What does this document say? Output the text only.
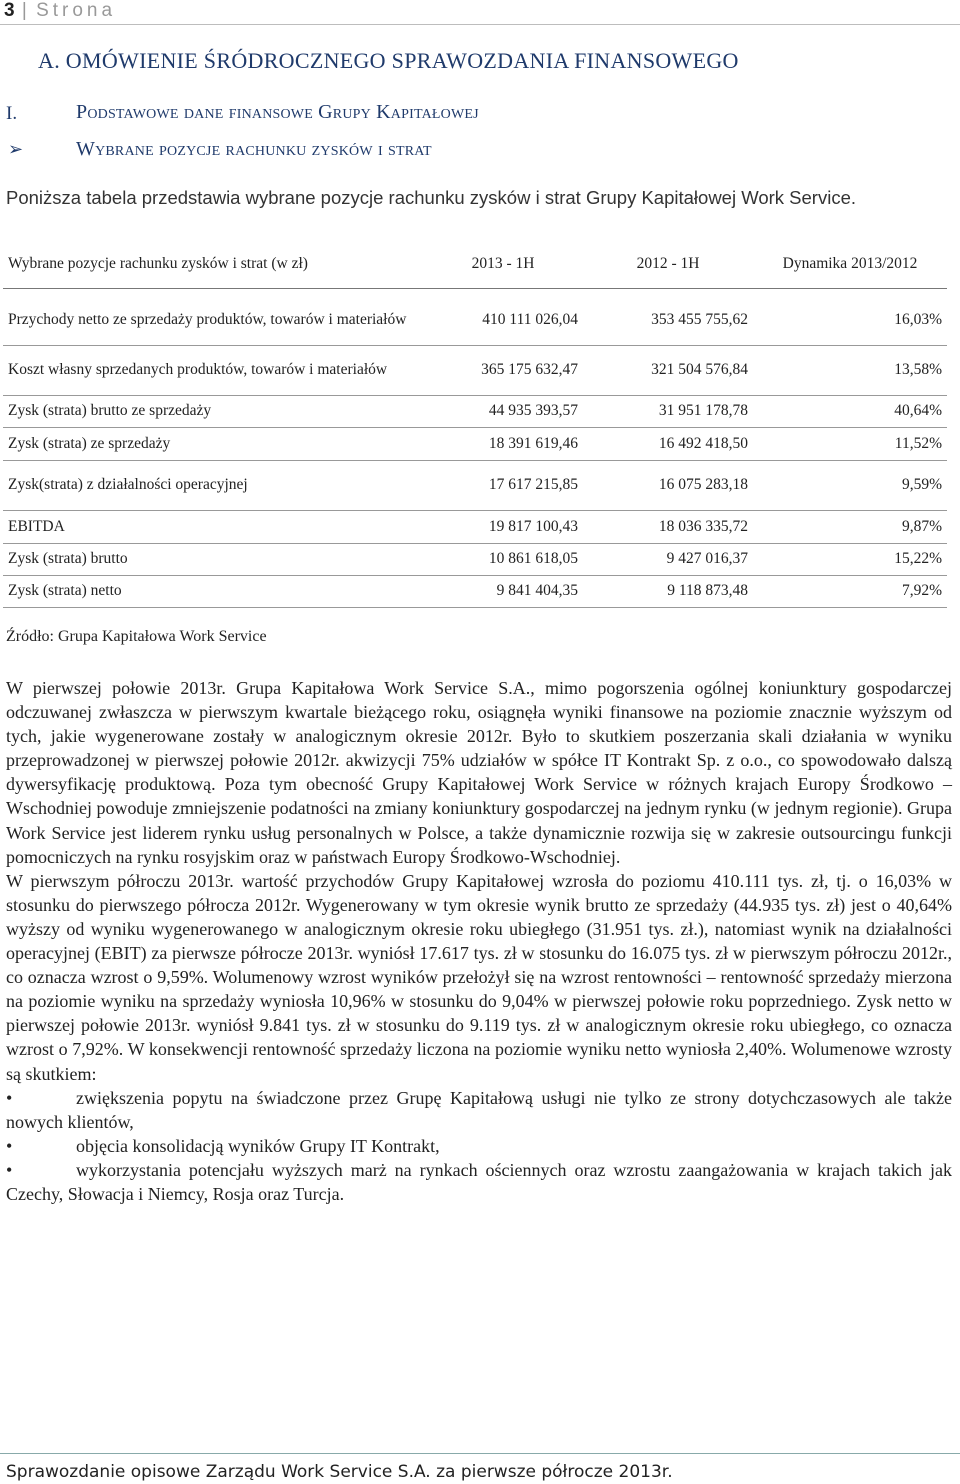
3 | Strona
A. OMÓWIENIE ŚRÓDROCZNEGO SPRAWOZDANIA FINANSOWEGO
I.	Podstawowe dane finansowe Grupy Kapitałowej
➢	Wybrane pozycje rachunku zysków i strat
Poniższa tabela przedstawia wybrane pozycje rachunku zysków i strat Grupy Kapitałowej Work Service.
Wybrane pozycje rachunku zysków i strat (w zł)	2013 - 1H	2012 - 1H	Dynamika 2013/2012

Przychody netto ze sprzedaży produktów, towarów i materiałów	410 111 026,04	353 455 755,62	16,03%
Koszt własny sprzedanych produktów, towarów i materiałów	365 175 632,47	321 504 576,84	13,58%
Zysk (strata) brutto ze sprzedaży	44 935 393,57	31 951 178,78	40,64%
Zysk (strata) ze sprzedaży	18 391 619,46	16 492 418,50	11,52%
Zysk(strata) z działalności operacyjnej	17 617 215,85	16 075 283,18	9,59%
EBITDA	19 817 100,43	18 036 335,72	9,87%
Zysk (strata) brutto	10 861 618,05	9 427 016,37	15,22%
Zysk (strata) netto	9 841 404,35	9 118 873,48	7,92%
Źródło: Grupa Kapitałowa Work Service

W pierwszej połowie 2013r. Grupa Kapitałowa Work Service S.A., mimo pogorszenia ogólnej koniunktury gospodarczej odczuwanej zwłaszcza w pierwszym kwartale bieżącego roku, osiągnęła wyniki finansowe na poziomie znacznie wyższym od tych, jakie wygenerowane zostały w analogicznym okresie 2012r. Było to skutkiem poszerzania skali działania w wyniku przeprowadzonej w pierwszej połowie 2012r. akwizycji 75% udziałów w spółce IT Kontrakt Sp. z o.o., co spowodowało dalszą dywersyfikację produktową. Poza tym obecność Grupy Kapitałowej Work Service w różnych krajach Europy Środkowo – Wschodniej powoduje zmniejszenie podatności na zmiany koniunktury gospodarczej na jednym rynku (w jednym regionie). Grupa Work Service jest liderem rynku usług personalnych w Polsce, a także dynamicznie rozwija się w zakresie outsourcingu funkcji pomocniczych na rynku rosyjskim oraz w państwach Europy Środkowo-Wschodniej.

W pierwszym półroczu 2013r. wartość przychodów Grupy Kapitałowej wzrosła do poziomu 410.111 tys. zł, tj. o 16,03% w stosunku do pierwszego półrocza 2012r. Wygenerowany w tym okresie wynik brutto ze sprzedaży (44.935 tys. zł) jest o 40,64% wyższy od wyniku wygenerowanego w analogicznym okresie roku ubiegłego (31.951 tys. zł.), natomiast wynik na działalności operacyjnej (EBIT) za pierwsze półrocze 2013r. wyniósł 17.617 tys. zł w stosunku do 16.075 tys. zł w pierwszym półroczu 2012r., co oznacza wzrost o 9,59%. Wolumenowy wzrost wyników przełożył się na wzrost rentowności – rentowność sprzedaży mierzona na poziomie wyniku na sprzedaży wyniosła 10,96% w stosunku do 9,04% w pierwszej połowie roku poprzedniego. Zysk netto w pierwszej połowie 2013r. wyniósł 9.841 tys. zł w stosunku do 9.119 tys. zł w analogicznym okresie roku ubiegłego, co oznacza wzrost o 7,92%. W konsekwencji rentowność sprzedaży liczona na poziomie wyniku netto wyniosła 2,40%. Wolumenowe wzrosty są skutkiem:

•	zwiększenia popytu na świadczone przez Grupę Kapitałową usługi nie tylko ze strony dotychczasowych ale także nowych klientów,

•	objęcia konsolidacją wyników Grupy IT Kontrakt,

•	wykorzystania potencjału wyższych marż na rynkach ościennych oraz wzrostu zaangażowania w krajach takich jak Czechy, Słowacja i Niemcy, Rosja oraz Turcja.

Sprawozdanie opisowe Zarządu Work Service S.A. za pierwsze półrocze 2013r.
